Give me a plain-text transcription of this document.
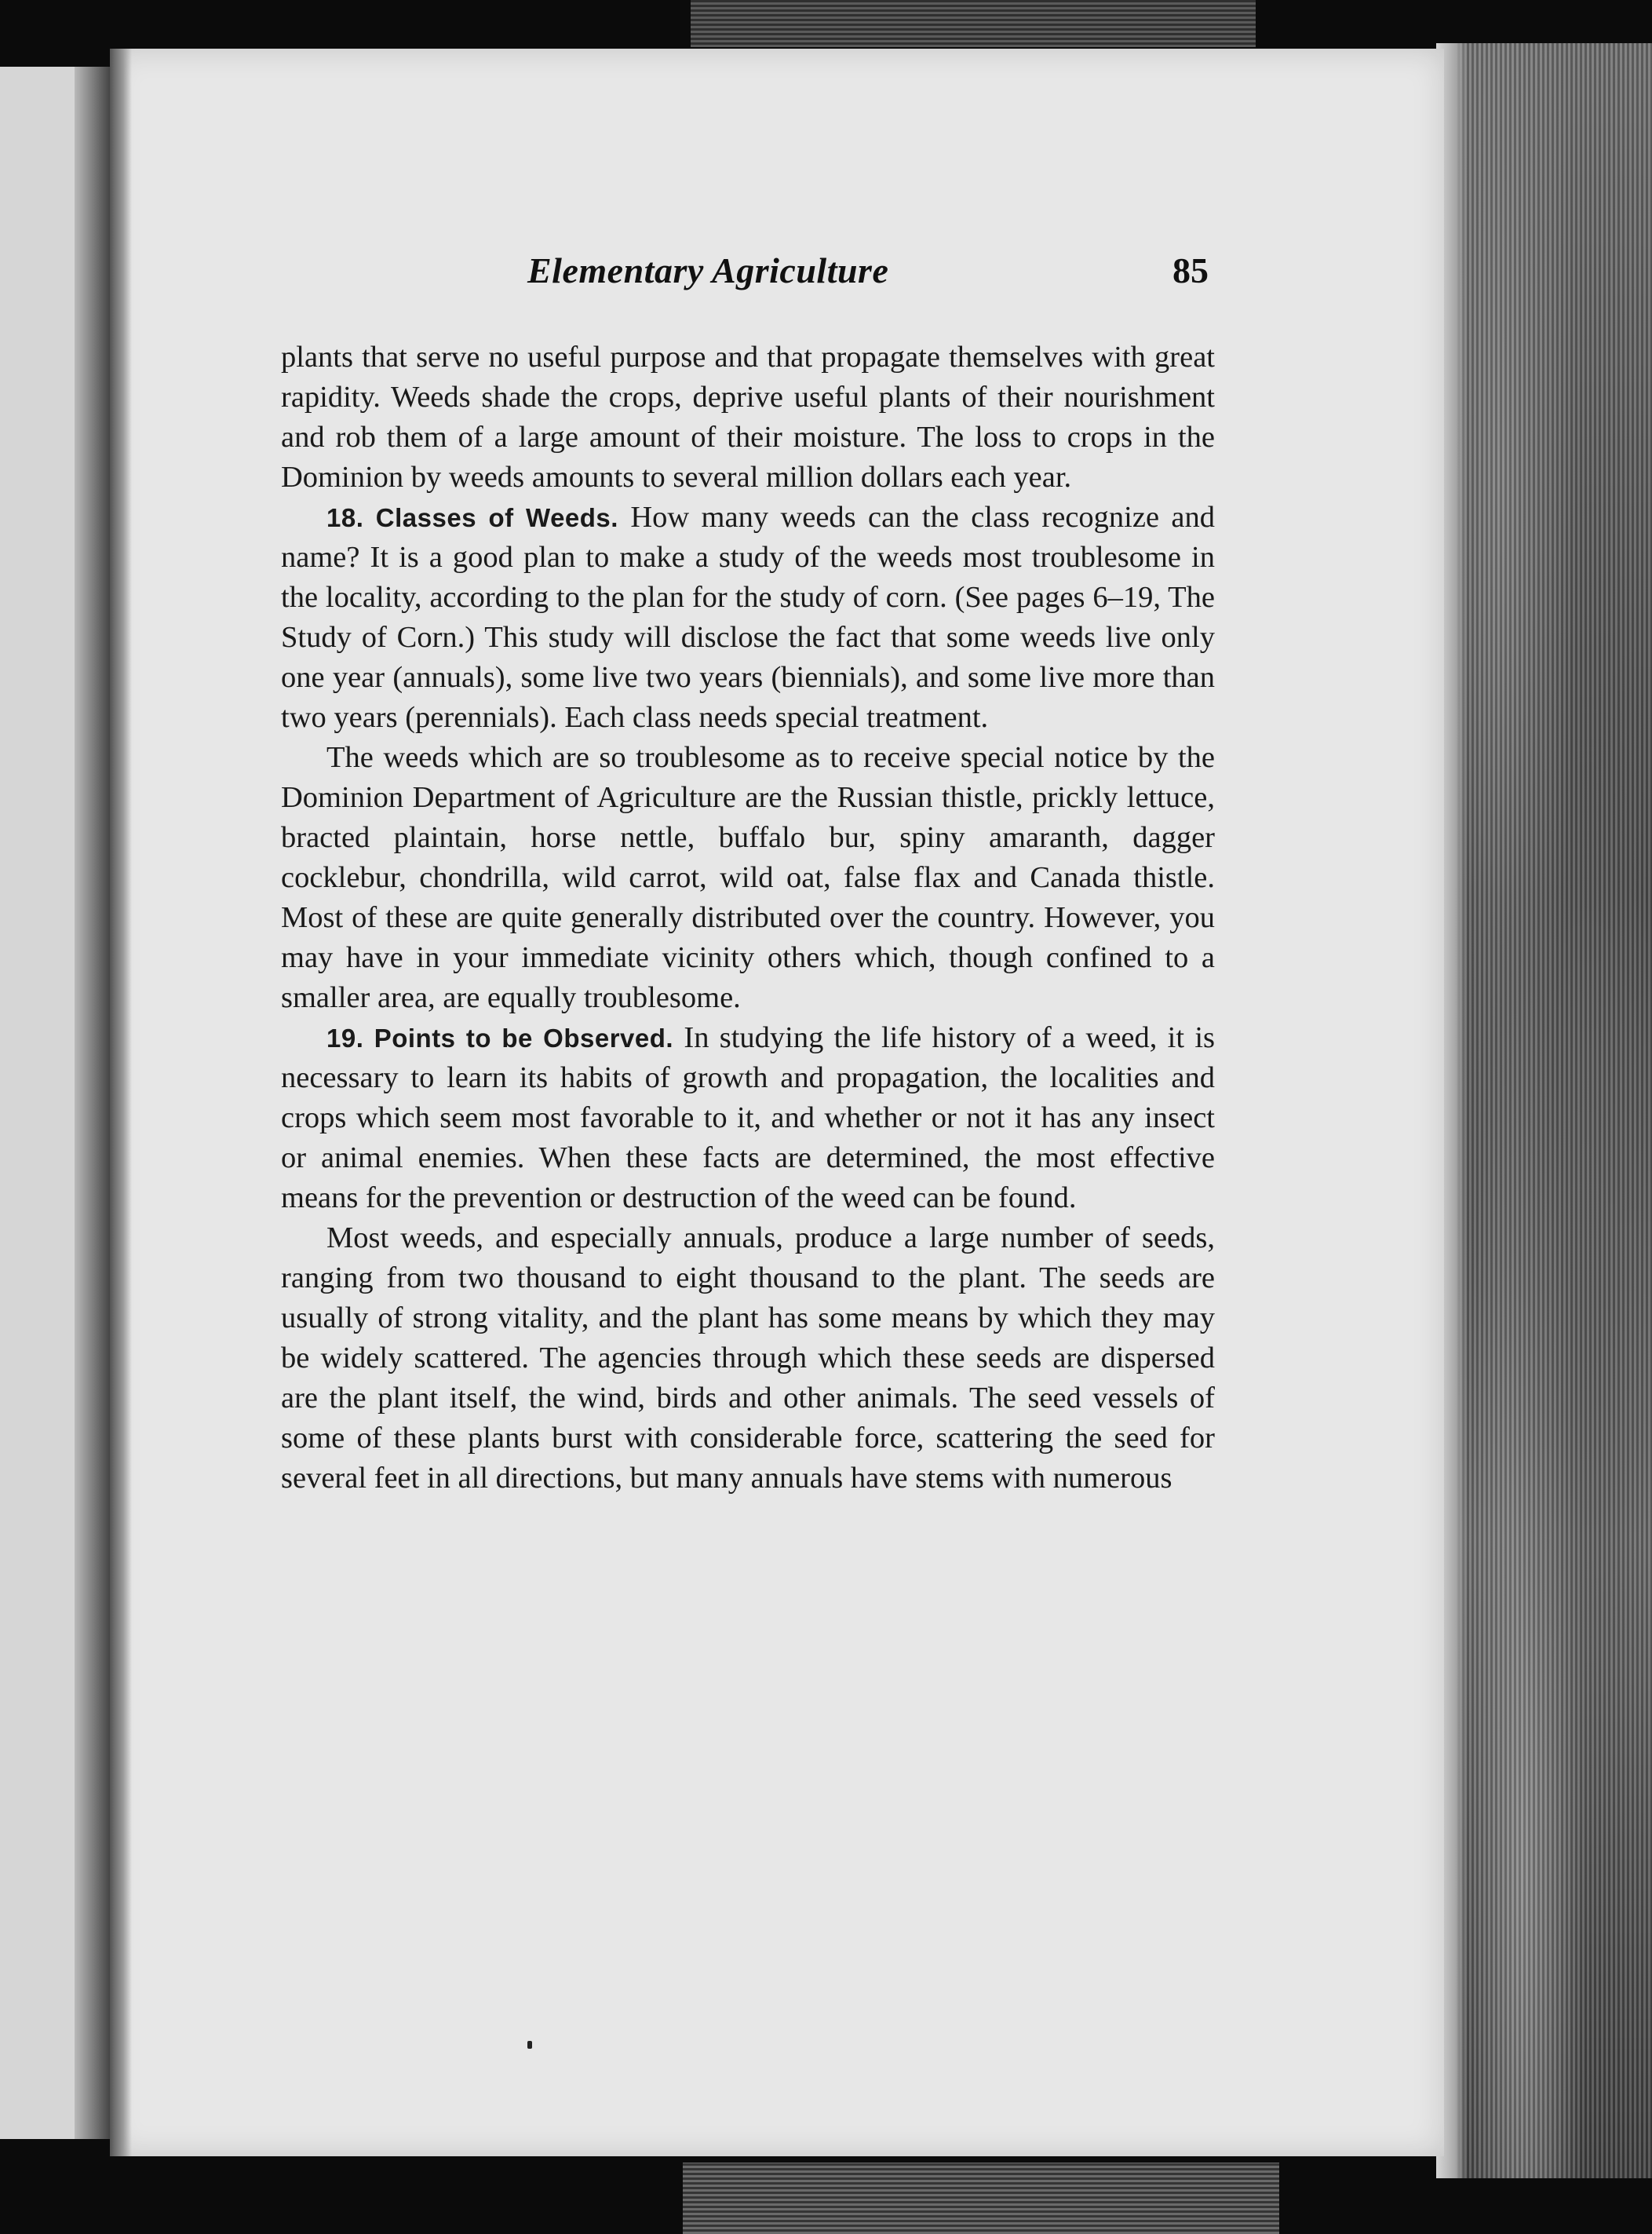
Elementary Agriculture	85

plants that serve no useful purpose and that propagate themselves with great rapidity. Weeds shade the crops, deprive useful plants of their nourishment and rob them of a large amount of their moisture. The loss to crops in the Dominion by weeds amounts to several million dollars each year.

18. Classes of Weeds. How many weeds can the class recognize and name? It is a good plan to make a study of the weeds most troublesome in the locality, according to the plan for the study of corn. (See pages 6–19, The Study of Corn.) This study will disclose the fact that some weeds live only one year (annuals), some live two years (biennials), and some live more than two years (perennials). Each class needs special treatment.

The weeds which are so troublesome as to receive special notice by the Dominion Department of Agriculture are the Russian thistle, prickly lettuce, bracted plaintain, horse nettle, buffalo bur, spiny amaranth, dagger cocklebur, chondrilla, wild carrot, wild oat, false flax and Canada thistle. Most of these are quite generally distributed over the country. However, you may have in your immediate vicinity others which, though confined to a smaller area, are equally troublesome.

19. Points to be Observed. In studying the life history of a weed, it is necessary to learn its habits of growth and propagation, the localities and crops which seem most favorable to it, and whether or not it has any insect or animal enemies. When these facts are determined, the most effective means for the prevention or destruction of the weed can be found.

Most weeds, and especially annuals, produce a large number of seeds, ranging from two thousand to eight thousand to the plant. The seeds are usually of strong vitality, and the plant has some means by which they may be widely scattered. The agencies through which these seeds are dispersed are the plant itself, the wind, birds and other animals. The seed vessels of some of these plants burst with considerable force, scattering the seed for several feet in all directions, but many annuals have stems with numerous
